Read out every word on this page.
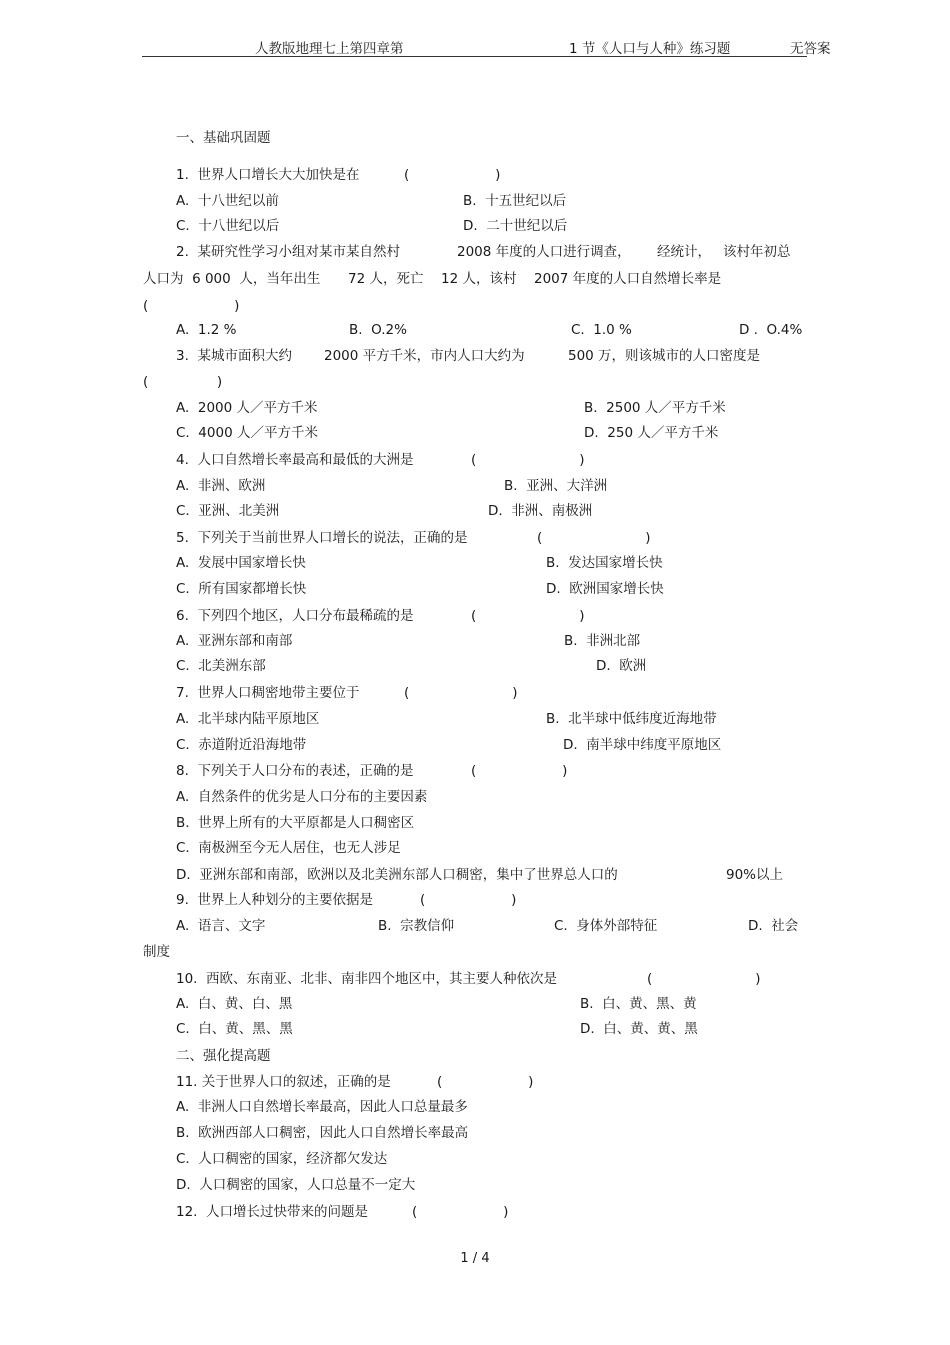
人教版地理七上第四章第

	1 节《人口与人种》练习题

	无答案

一、基础巩固题
1.  世界人口增长大大加快是在	(                    )
A.  十八世纪以前	B.  十五世纪以后
C.  十八世纪以后	D.  二十世纪以后
2.  某研究性学习小组对某市某自然村	2008 年度的人口进行调查， 经统计， 该村年初总
人口为  6 000  人，当年出生 72 人，死亡 12 人，该村 2007 年度的人口自然增长率是
(                    )
A.  1.2 %	B.  O.2%	C.  1.0 %	D .  O.4%
3.  某城市面积大约 2000 平方千米，市内人口大约为	500 万，则该城市的人口密度是
(                )
A.  2000 人／平方千米	B.  2500 人／平方千米
C.  4000 人／平方千米	D.  250 人／平方千米
4.  人口自然增长率最高和最低的大洲是	(                        )
A.  非洲、欧洲	B.  亚洲、大洋洲
C.  亚洲、北美洲	D.  非洲、南极洲
5.  下列关于当前世界人口增长的说法，正确的是	(                        )
A.  发展中国家增长快	B.  发达国家增长快
C.  所有国家都增长快	D.  欧洲国家增长快
6.  下列四个地区，人口分布最稀疏的是	(                        )
A.  亚洲东部和南部	B.  非洲北部
C.  北美洲东部	D.  欧洲
7.  世界人口稠密地带主要位于	(                        )
A.  北半球内陆平原地区	B.  北半球中低纬度近海地带
C.  赤道附近沿海地带	D.  南半球中纬度平原地区
8.  下列关于人口分布的表述，正确的是	(                    )
A.  自然条件的优劣是人口分布的主要因素
B.  世界上所有的大平原都是人口稠密区
C.  南极洲至今无人居住，也无人涉足
D.  亚洲东部和南部，欧洲以及北美洲东部人口稠密，集中了世界总人口的	90%以上
9.  世界上人种划分的主要依据是	(                    )
A.  语言、文字	B.  宗教信仰	C.  身体外部特征	D.  社会
制度
10.  西欧、东南亚、北非、南非四个地区中，其主要人种依次是	(                        )
A.  白、黄、白、黑	B.  白、黄、黑、黄
C.  白、黄、黑、黑	D.  白、黄、黄、黑
二、强化提高题
11. 关于世界人口的叙述，正确的是	(                    )
A.  非洲人口自然增长率最高，因此人口总量最多
B.  欧洲西部人口稠密，因此人口自然增长率最高
C.  人口稠密的国家，经济都欠发达
D.  人口稠密的国家，人口总量不一定大
12.  人口增长过快带来的问题是	(                    )
1 / 4
